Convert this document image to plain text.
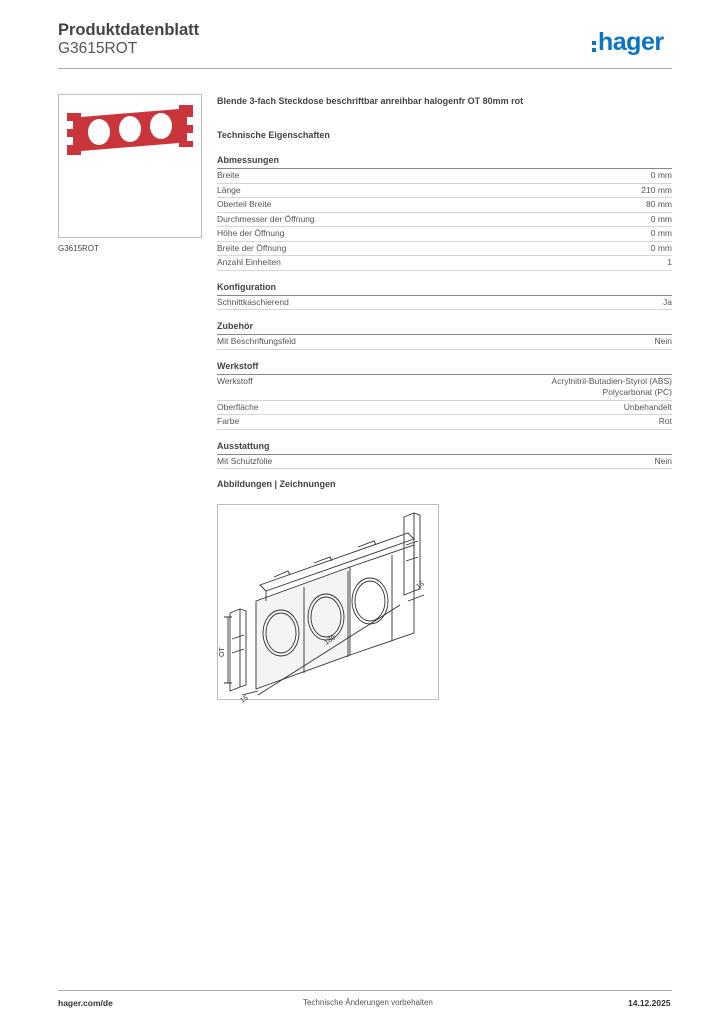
Produktdatenblatt
G3615ROT	hager
G3615ROT
Blende 3-fach Steckdose beschriftbar anreihbar halogenfr OT 80mm rot
Technische Eigenschaften
Abmessungen
Breite	0 mm
Länge	210 mm
Oberteil Breite	80 mm
Durchmesser der Öffnung	0 mm
Höhe der Öffnung	0 mm
Breite der Öffnung	0 mm
Anzahl Einheiten	1
Konfiguration
Schnittkaschierend	Ja
Zubehör
Mit Beschriftungsfeld	Nein
Werkstoff
Werkstoff	Acrylnitril-Butadien-Styrol (ABS)
Polycarbonat (PC)
Oberfläche	Unbehandelt
Farbe	Rot
Ausstattung
Mit Schutzfolie	Nein
Abbildungen | Zeichnungen
OT
180
15
15
hager.com/de	Technische Änderungen vorbehalten	14.12.2025
